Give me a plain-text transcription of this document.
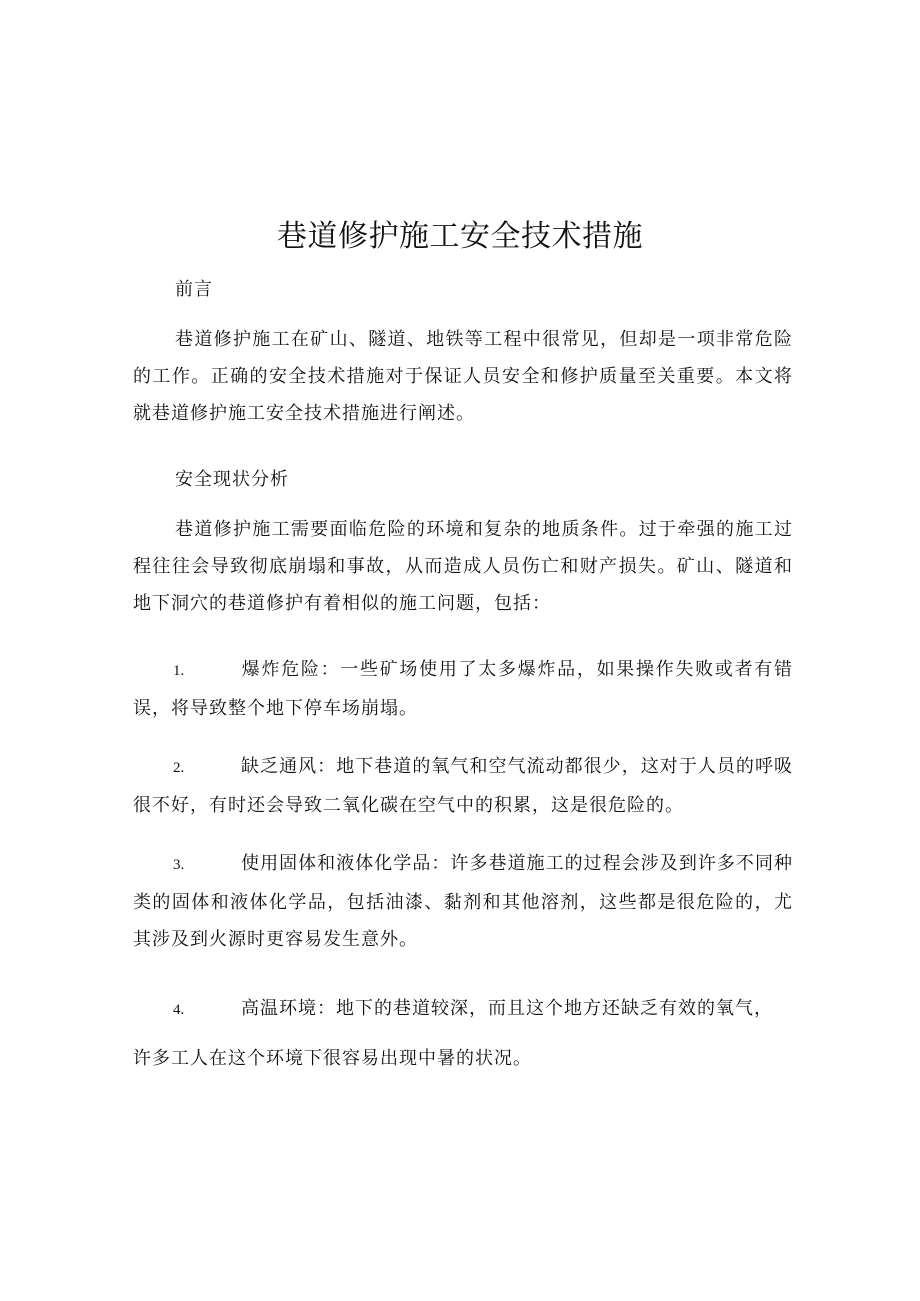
巷道修护施工安全技术措施
前言
巷道修护施工在矿山、隧道、地铁等工程中很常见，但却是一项非常危险的工作。正确的安全技术措施对于保证人员安全和修护质量至关重要。本文将就巷道修护施工安全技术措施进行阐述。
安全现状分析
巷道修护施工需要面临危险的环境和复杂的地质条件。过于牵强的施工过程往往会导致彻底崩塌和事故，从而造成人员伤亡和财产损失。矿山、隧道和地下洞穴的巷道修护有着相似的施工问题，包括：
1.	爆炸危险：一些矿场使用了太多爆炸品，如果操作失败或者有错误，将导致整个地下停车场崩塌。
2.	缺乏通风：地下巷道的氧气和空气流动都很少，这对于人员的呼吸很不好，有时还会导致二氧化碳在空气中的积累，这是很危险的。
3.	使用固体和液体化学品：许多巷道施工的过程会涉及到许多不同种类的固体和液体化学品，包括油漆、黏剂和其他溶剂，这些都是很危险的，尤其涉及到火源时更容易发生意外。
4.	高温环境：地下的巷道较深，而且这个地方还缺乏有效的氧气，
许多工人在这个环境下很容易出现中暑的状况。
